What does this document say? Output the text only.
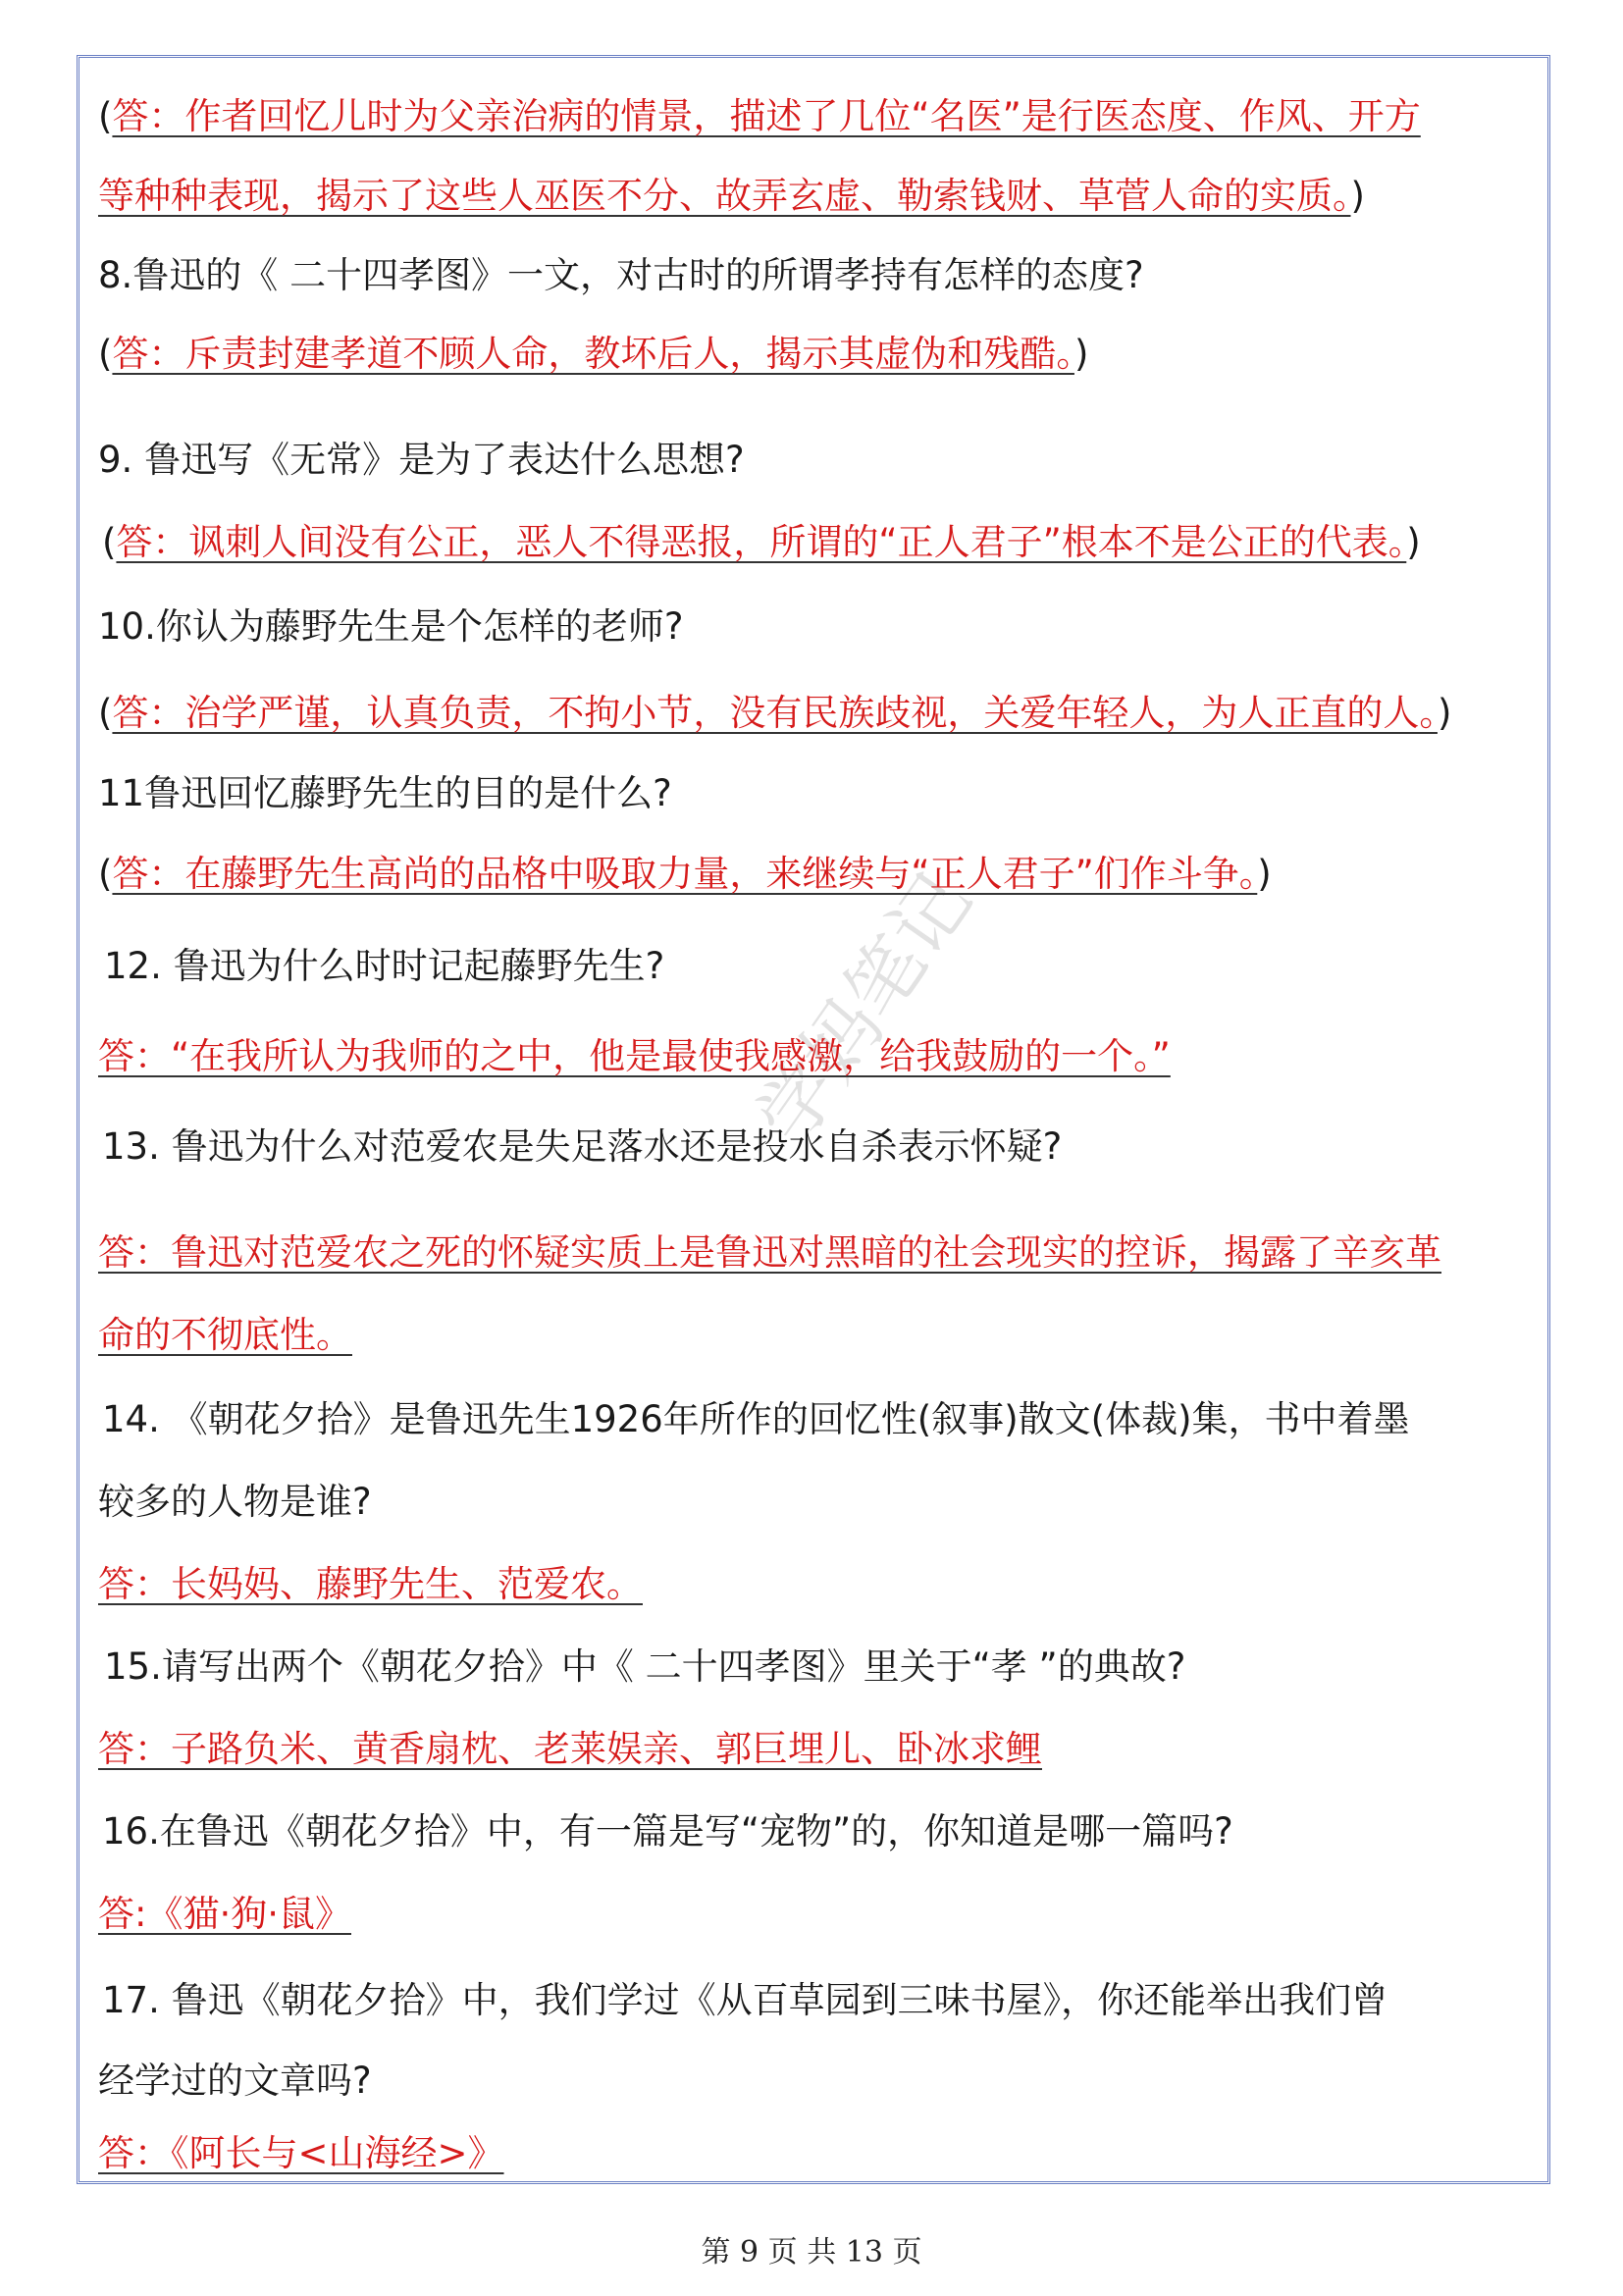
学妈笔记
(答：作者回忆儿时为父亲治病的情景，描述了几位“名医”是行医态度、作风、开方
等种种表现，揭示了这些人巫医不分、故弄玄虚、勒索钱财、草菅人命的实质。)
8.鲁迅的《 二十四孝图》一文，对古时的所谓孝持有怎样的态度?
(答：斥责封建孝道不顾人命，教坏后人，揭示其虚伪和残酷。)
9. 鲁迅写《无常》是为了表达什么思想?
(答：讽刺人间没有公正，恶人不得恶报，所谓的“正人君子”根本不是公正的代表。)
10.你认为藤野先生是个怎样的老师?
(答：治学严谨，认真负责，不拘小节，没有民族歧视，关爱年轻人，为人正直的人。)
11鲁迅回忆藤野先生的目的是什么?
(答：在藤野先生高尚的品格中吸取力量，来继续与“正人君子”们作斗争。)
12. 鲁迅为什么时时记起藤野先生?
答：“在我所认为我师的之中，他是最使我感激，给我鼓励的一个。”
13. 鲁迅为什么对范爱农是失足落水还是投水自杀表示怀疑?
答：鲁迅对范爱农之死的怀疑实质上是鲁迅对黑暗的社会现实的控诉，揭露了辛亥革
命的不彻底性。
14. 《朝花夕拾》是鲁迅先生1926年所作的回忆性(叙事)散文(体裁)集，书中着墨
较多的人物是谁?
答：长妈妈、藤野先生、范爱农。
15.请写出两个《朝花夕拾》中《 二十四孝图》里关于“孝 ”的典故?
答：子路负米、黄香扇枕、老莱娱亲、郭巨埋儿、卧冰求鲤
16.在鲁迅《朝花夕拾》中，有一篇是写“宠物”的，你知道是哪一篇吗?
答:《猫·狗·鼠》
17. 鲁迅《朝花夕拾》中，我们学过《从百草园到三味书屋》，你还能举出我们曾
经学过的文章吗?
答：《阿长与<山海经>》
第 9 页 共 13 页
